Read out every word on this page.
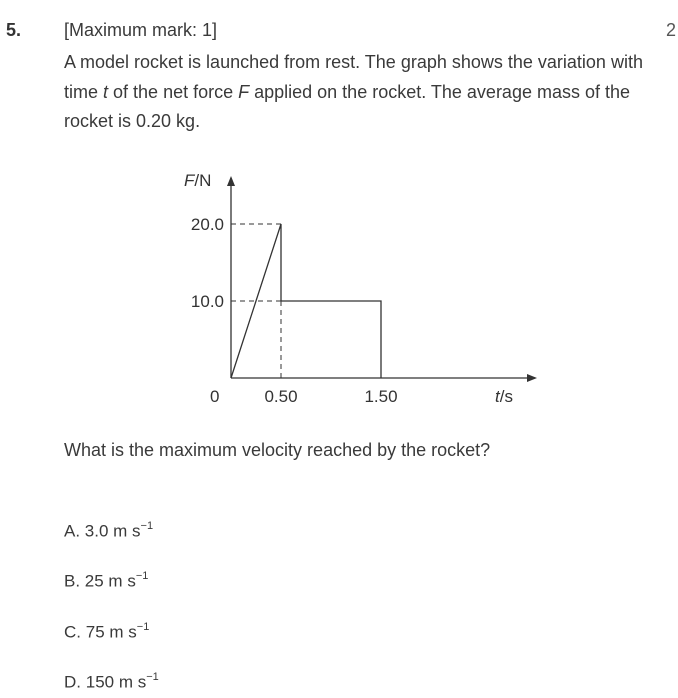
5.	2
[Maximum mark: 1]
A model rocket is launched from rest. The graph shows the variation with time t of the net force F applied on the rocket. The average mass of the rocket is 0.20 kg.
F/N
t/s
0
10.0
20.0
0.50	1.50
What is the maximum velocity reached by the rocket?
A. 3.0 m $s^{-1}$
B. 25 m $s^{-1}$
C. 75 m $s^{-1}$
D. 150 m $s^{-1}$
